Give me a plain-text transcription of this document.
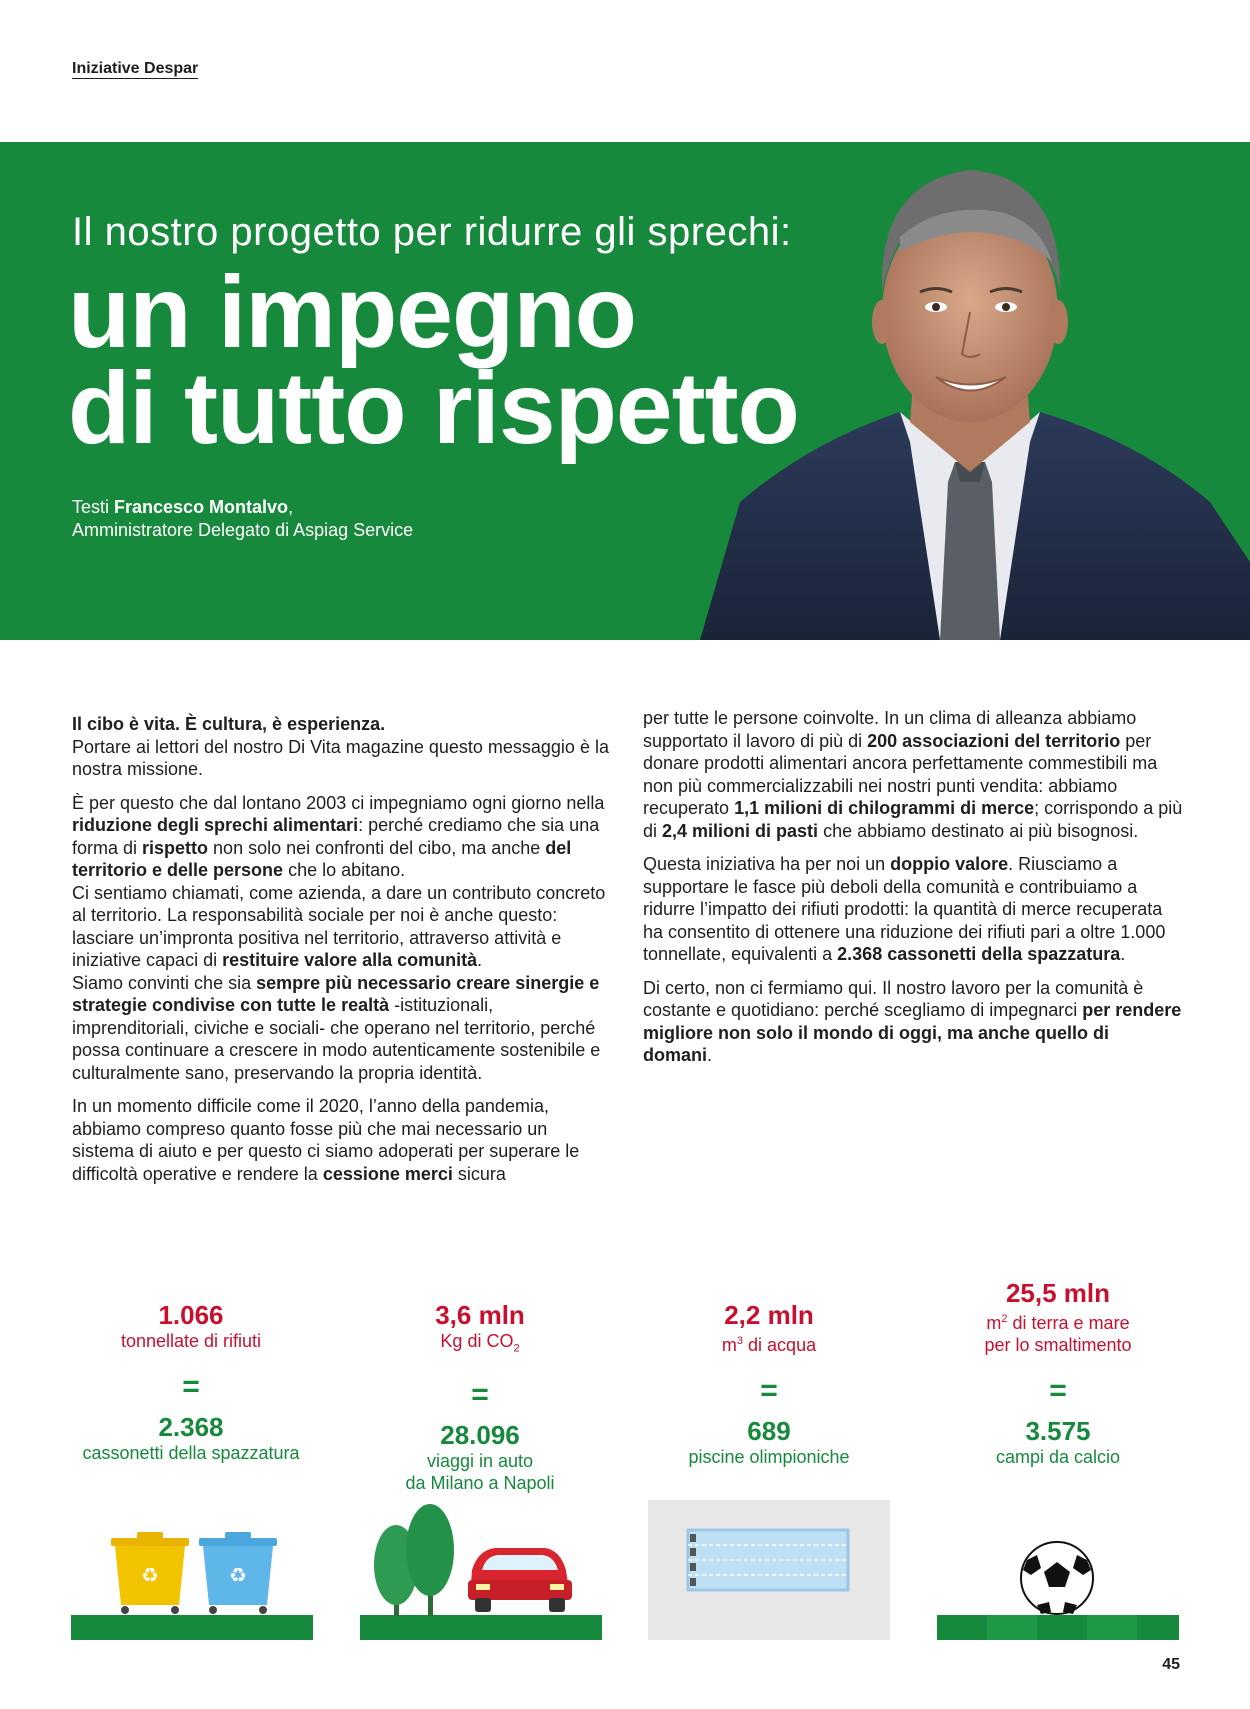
Iniziative Despar
Il nostro progetto per ridurre gli sprechi:
un impegno
di tutto rispetto
Testi Francesco Montalvo,
Amministratore Delegato di Aspiag Service

Il cibo è vita. È cultura, è esperienza.
Portare ai lettori del nostro Di Vita magazine questo messaggio è la nostra missione.

È per questo che dal lontano 2003 ci impegniamo ogni giorno nella riduzione degli sprechi alimentari: perché crediamo che sia una forma di rispetto non solo nei confronti del cibo, ma anche del territorio e delle persone che lo abitano.
Ci sentiamo chiamati, come azienda, a dare un contributo concreto al territorio. La responsabilità sociale per noi è anche questo: lasciare un’impronta positiva nel territorio, attraverso attività e iniziative capaci di restituire valore alla comunità.
Siamo convinti che sia sempre più necessario creare sinergie e strategie condivise con tutte le realtà -istituzionali, imprenditoriali, civiche e sociali- che operano nel territorio, perché possa continuare a crescere in modo autenticamente sostenibile e culturalmente sano, preservando la propria identità.

In un momento difficile come il 2020, l’anno della pandemia, abbiamo compreso quanto fosse più che mai necessario un sistema di aiuto e per questo ci siamo adoperati per superare le difficoltà operative e rendere la cessione merci sicura

per tutte le persone coinvolte. In un clima di alleanza abbiamo supportato il lavoro di più di 200 associazioni del territorio per donare prodotti alimentari ancora perfettamente commestibili ma non più commercializzabili nei nostri punti vendita: abbiamo recuperato 1,1 milioni di chilogrammi di merce; corrispondo a più di 2,4 milioni di pasti che abbiamo destinato ai più bisognosi.

Questa iniziativa ha per noi un doppio valore. Riusciamo a supportare le fasce più deboli della comunità e contribuiamo a ridurre l’impatto dei rifiuti prodotti: la quantità di merce recuperata ha consentito di ottenere una riduzione dei rifiuti pari a oltre 1.000 tonnellate, equivalenti a 2.368 cassonetti della spazzatura.

Di certo, non ci fermiamo qui. Il nostro lavoro per la comunità è costante e quotidiano: perché scegliamo di impegnarci per rendere migliore non solo il mondo di oggi, ma anche quello di domani.

1.066
tonnellate di rifiuti
=
2.368
cassonetti della spazzatura
3,6 mln
Kg di $CO_2$
=
28.096
viaggi in auto
da Milano a Napoli
2,2 mln
$m^3$ di acqua
=
689
piscine olimpioniche
25,5 mln
$m^2$ di terra e mare
per lo smaltimento
=
3.575
campi da calcio
♻	♻
45
